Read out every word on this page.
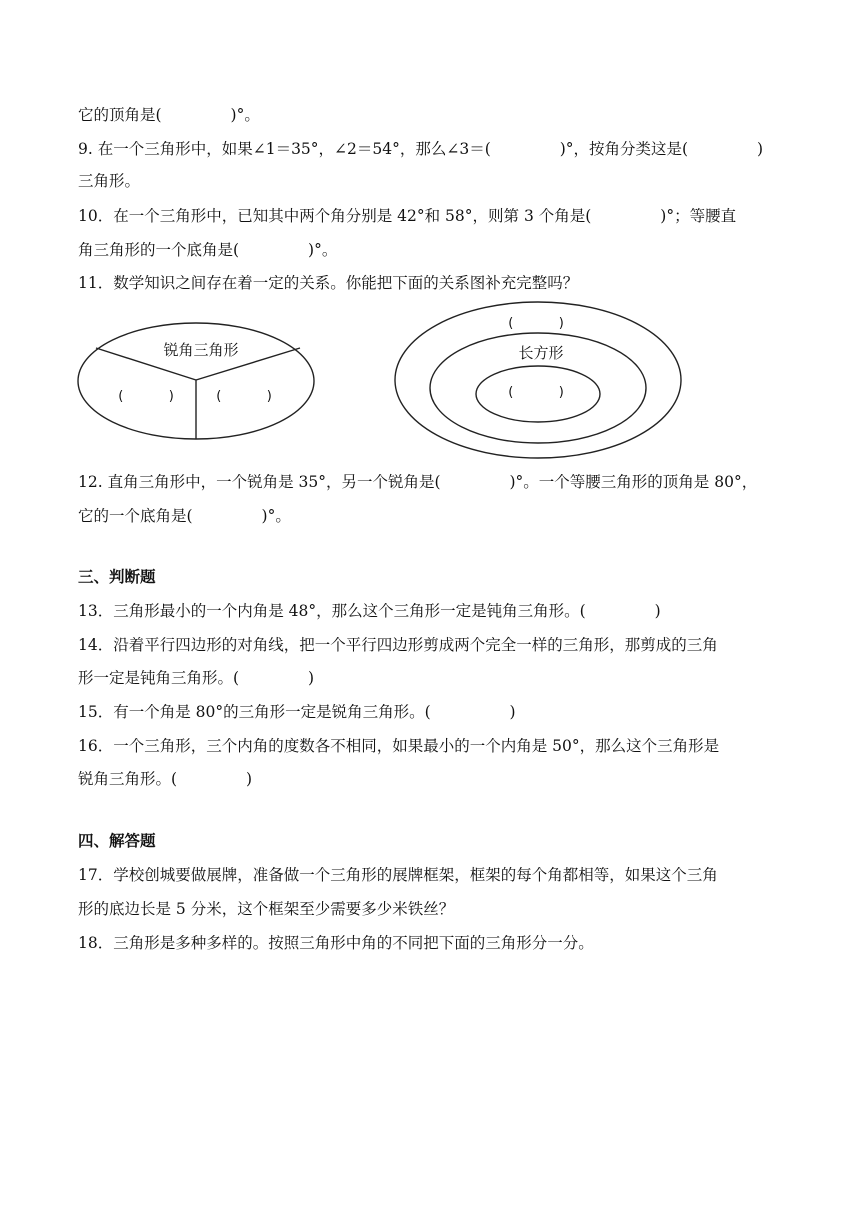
它的顶角是(              )°。
9. 在一个三角形中，如果∠1＝35°，∠2＝54°，那么∠3＝(              )°，按角分类这是(              )
三角形。
10．在一个三角形中，已知其中两个角分别是 42°和 58°，则第 3 个角是(              )°；等腰直
角三角形的一个底角是(              )°。
11．数学知识之间存在着一定的关系。你能把下面的关系图补充完整吗？
锐角三角形
(           )	(           )
(           )
长方形
(           )
12. 直角三角形中，一个锐角是 35°，另一个锐角是(              )°。一个等腰三角形的顶角是 80°，
它的一个底角是(              )°。
三、判断题
13．三角形最小的一个内角是 48°，那么这个三角形一定是钝角三角形。(              )
14．沿着平行四边形的对角线，把一个平行四边形剪成两个完全一样的三角形，那剪成的三角
形一定是钝角三角形。(              )
15．有一个角是 80°的三角形一定是锐角三角形。(                )
16．一个三角形，三个内角的度数各不相同，如果最小的一个内角是 50°，那么这个三角形是
锐角三角形。(              )
四、解答题
17．学校创城要做展牌，准备做一个三角形的展牌框架，框架的每个角都相等，如果这个三角
形的底边长是 5 分米，这个框架至少需要多少米铁丝？
18．三角形是多种多样的。按照三角形中角的不同把下面的三角形分一分。
